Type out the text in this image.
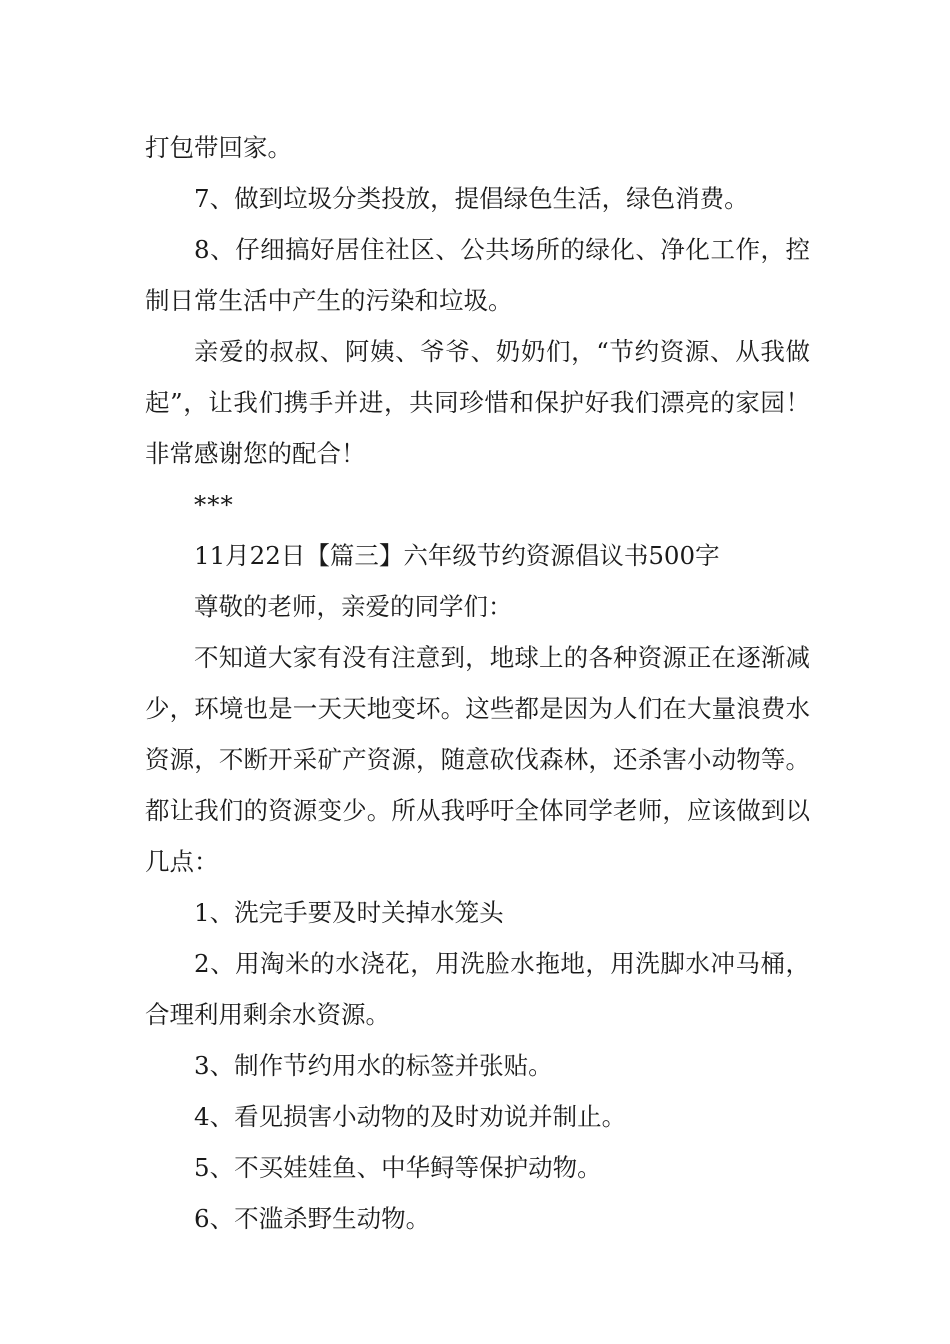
打包带回家。

7、做到垃圾分类投放，提倡绿色生活，绿色消费。

8、仔细搞好居住社区、公共场所的绿化、净化工作，控制日常生活中产生的污染和垃圾。

亲爱的叔叔、阿姨、爷爷、奶奶们，“节约资源、从我做起”，让我们携手并进，共同珍惜和保护好我们漂亮的家园！非常感谢您的配合！

***

11月22日【篇三】六年级节约资源倡议书500字

尊敬的老师，亲爱的同学们：

不知道大家有没有注意到，地球上的各种资源正在逐渐减少，环境也是一天天地变坏。这些都是因为人们在大量浪费水资源，不断开采矿产资源，随意砍伐森林，还杀害小动物等。都让我们的资源变少。所从我呼吁全体同学老师，应该做到以几点：

1、洗完手要及时关掉水笼头

2、用淘米的水浇花，用洗脸水拖地，用洗脚水冲马桶，合理利用剩余水资源。

3、制作节约用水的标签并张贴。

4、看见损害小动物的及时劝说并制止。

5、不买娃娃鱼、中华鲟等保护动物。

6、不滥杀野生动物。
